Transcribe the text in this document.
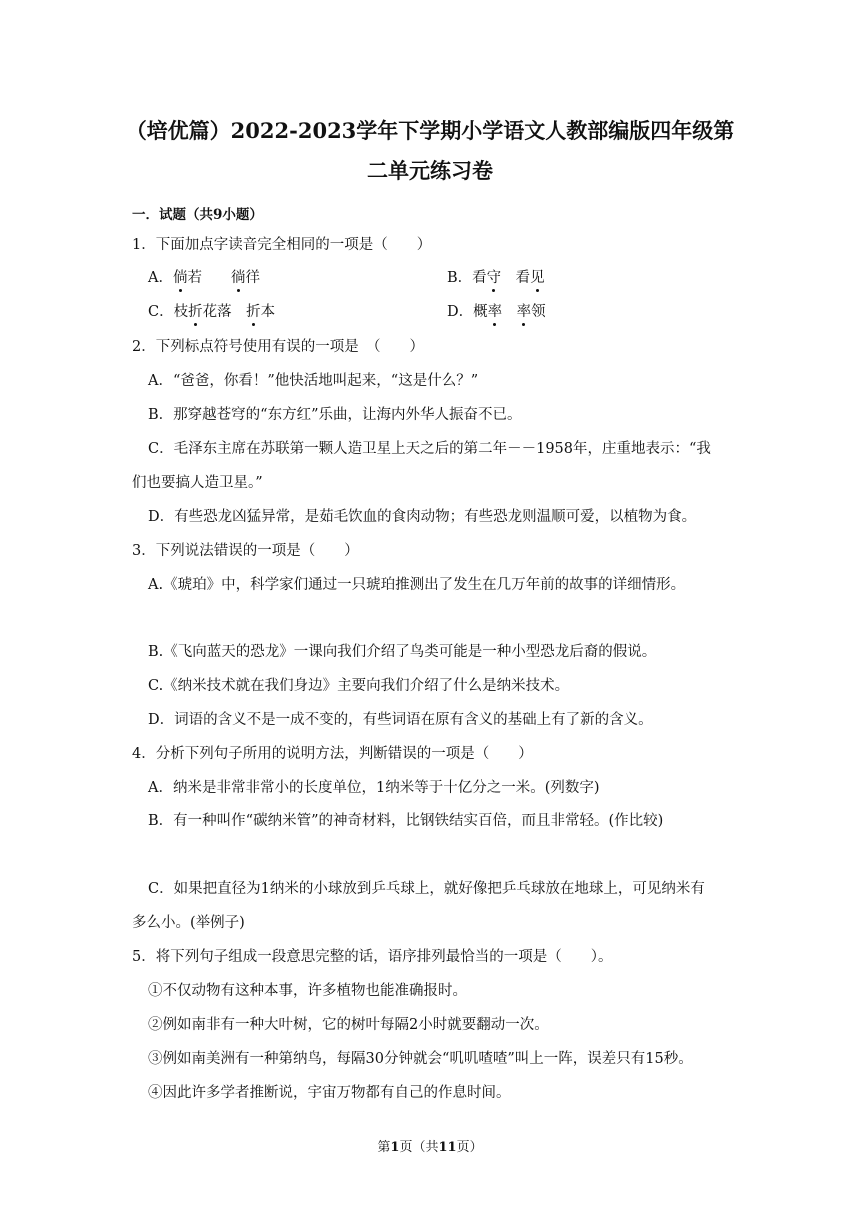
（培优篇）2022-2023学年下学期小学语文人教部编版四年级第
二单元练习卷
一．试题（共9小题）
1．下面加点字读音完全相同的一项是（　　）
A．倘若　　徜徉	B．看守　看见
C．枝折花落　折本	D．概率　 率领
2．下列标点符号使用有误的一项是　（　　）
A．“爸爸，你看！”他快活地叫起来，“这是什么？”
B．那穿越苍穹的“东方红”乐曲，让海内外华人振奋不已。
C．毛泽东主席在苏联第一颗人造卫星上天之后的第二年－－1958年，庄重地表示：“我
们也要搞人造卫星。”
D．有些恐龙凶猛异常，是茹毛饮血的食肉动物；有些恐龙则温顺可爱，以植物为食。
3．下列说法错误的一项是（　　）
A.《琥珀》中，科学家们通过一只琥珀推测出了发生在几万年前的故事的详细情形。
B.《飞向蓝天的恐龙》一课向我们介绍了鸟类可能是一种小型恐龙后裔的假说。
C.《纳米技术就在我们身边》主要向我们介绍了什么是纳米技术。
D．词语的含义不是一成不变的，有些词语在原有含义的基础上有了新的含义。
4．分析下列句子所用的说明方法，判断错误的一项是（　　）
A．纳米是非常非常小的长度单位，1纳米等于十亿分之一米。(列数字)
B．有一种叫作“碳纳米管”的神奇材料，比钢铁结实百倍，而且非常轻。(作比较)
C．如果把直径为1纳米的小球放到乒乓球上，就好像把乒乓球放在地球上，可见纳米有
多么小。(举例子)
5．将下列句子组成一段意思完整的话，语序排列最恰当的一项是（　　）。
①不仅动物有这种本事，许多植物也能准确报时。
②例如南非有一种大叶树，它的树叶每隔2小时就要翻动一次。
③例如南美洲有一种第纳鸟，每隔30分钟就会“叽叽喳喳”叫上一阵，误差只有15秒。
④因此许多学者推断说，宇宙万物都有自己的作息时间。
第1页（共11页）
